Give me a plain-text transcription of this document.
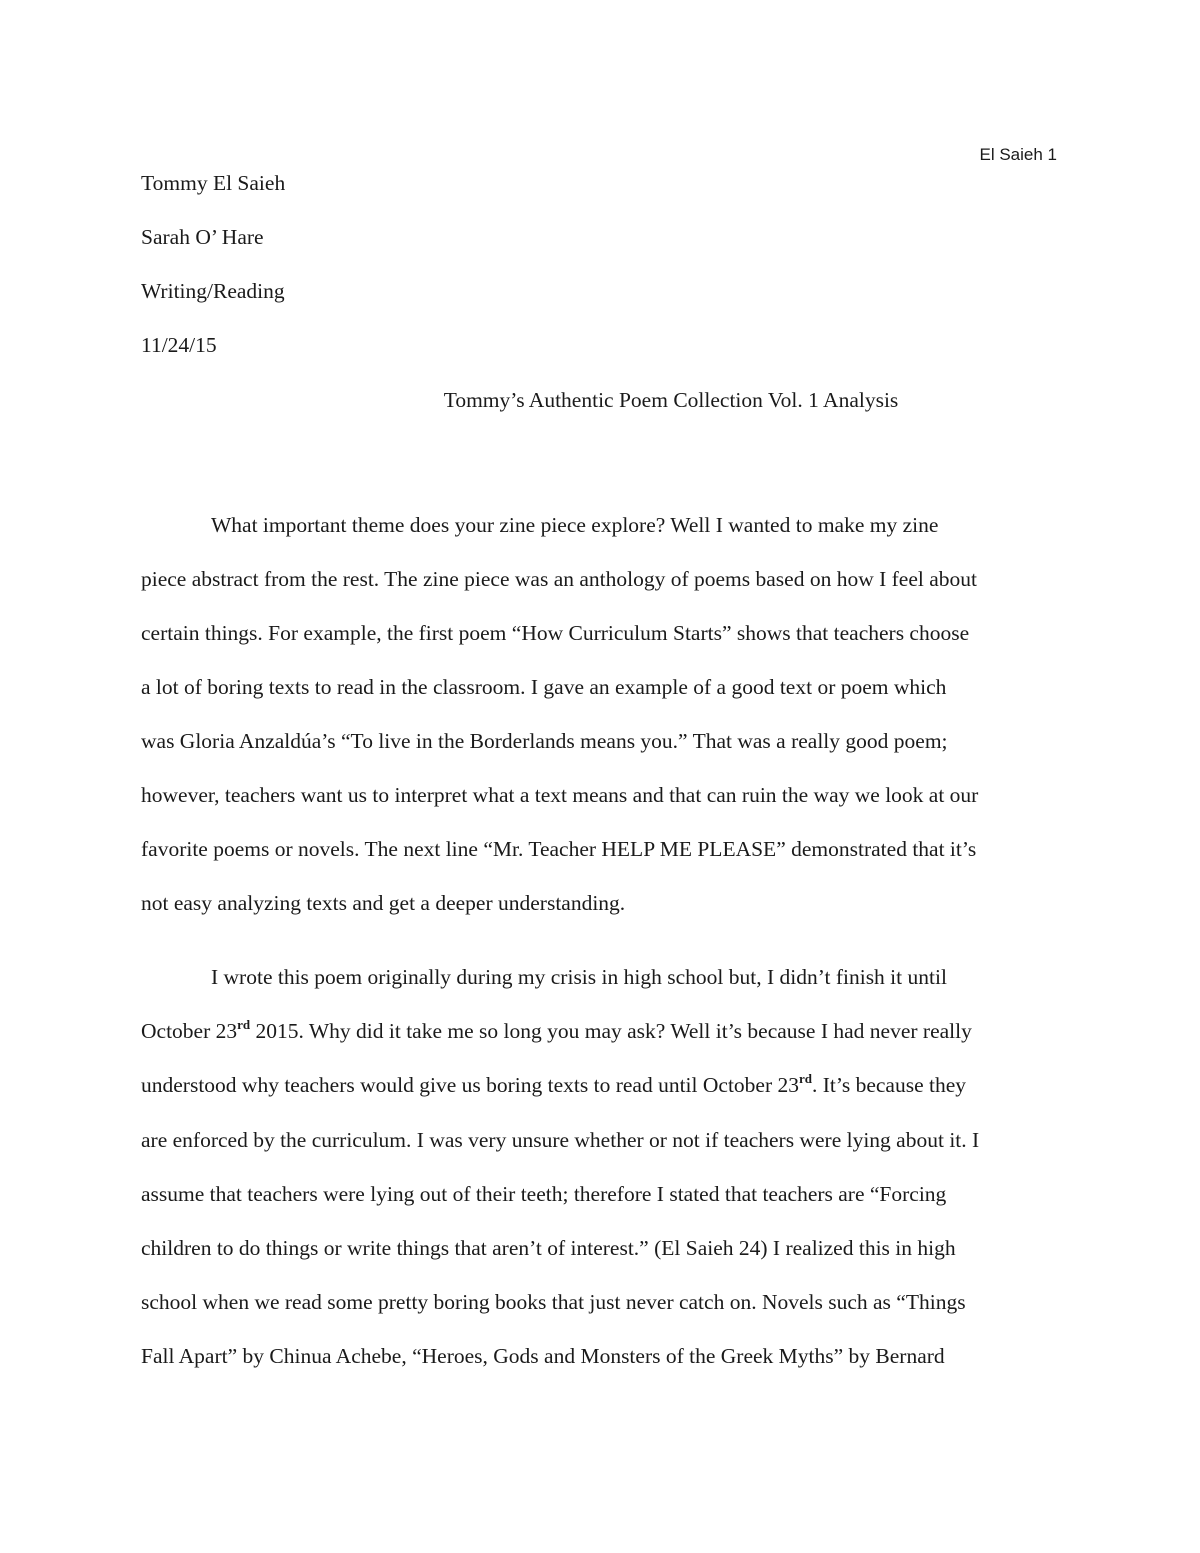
El Saieh 1
Tommy El Saieh
Sarah O’ Hare
Writing/Reading
11/24/15
Tommy’s Authentic Poem Collection Vol. 1 Analysis
What important theme does your zine piece explore? Well I wanted to make my zine
piece abstract from the rest. The zine piece was an anthology of poems based on how I feel about
certain things. For example, the first poem “How Curriculum Starts” shows that teachers choose
a lot of boring texts to read in the classroom. I gave an example of a good text or poem which
was Gloria Anzaldúa’s “To live in the Borderlands means you.” That was a really good poem;
however, teachers want us to interpret what a text means and that can ruin the way we look at our
favorite poems or novels. The next line “Mr. Teacher HELP ME PLEASE” demonstrated that it’s
not easy analyzing texts and get a deeper understanding.
I wrote this poem originally during my crisis in high school but, I didn’t finish it until
October 23rd 2015. Why did it take me so long you may ask? Well it’s because I had never really
understood why teachers would give us boring texts to read until October 23rd. It’s because they
are enforced by the curriculum. I was very unsure whether or not if teachers were lying about it. I
assume that teachers were lying out of their teeth; therefore I stated that teachers are “Forcing
children to do things or write things that aren’t of interest.” (El Saieh 24) I realized this in high
school when we read some pretty boring books that just never catch on. Novels such as “Things
Fall Apart” by Chinua Achebe, “Heroes, Gods and Monsters of the Greek Myths” by Bernard
